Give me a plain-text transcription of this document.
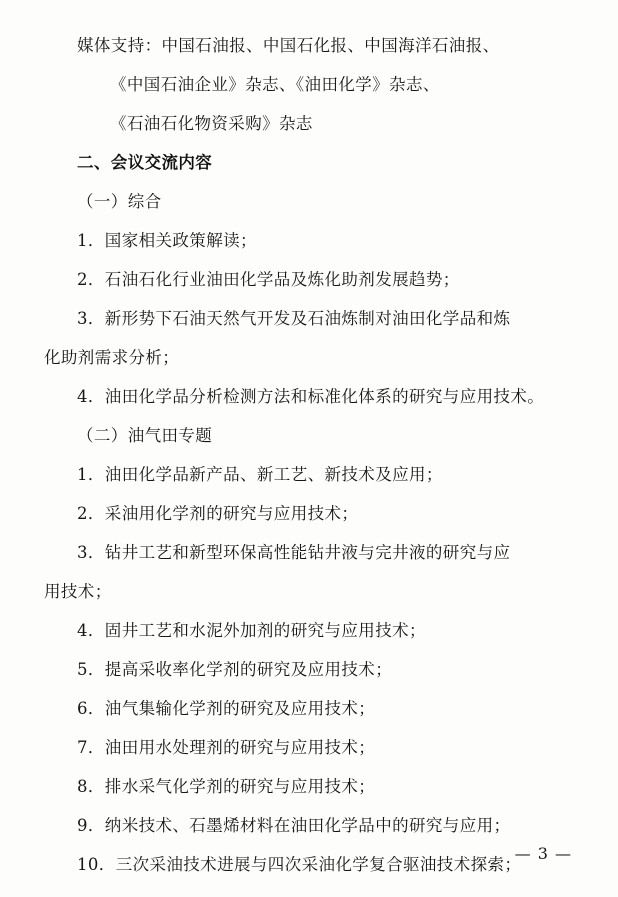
媒体支持：中国石油报、中国石化报、中国海洋石油报、
《中国石油企业》杂志、《油田化学》杂志、
《石油石化物资采购》杂志
二、会议交流内容
（一）综合
1．国家相关政策解读；
2．石油石化行业油田化学品及炼化助剂发展趋势；
3．新形势下石油天然气开发及石油炼制对油田化学品和炼
化助剂需求分析；
4．油田化学品分析检测方法和标准化体系的研究与应用技术。
（二）油气田专题
1．油田化学品新产品、新工艺、新技术及应用；
2．采油用化学剂的研究与应用技术；
3．钻井工艺和新型环保高性能钻井液与完井液的研究与应
用技术；
4．固井工艺和水泥外加剂的研究与应用技术；
5．提高采收率化学剂的研究及应用技术；
6．油气集输化学剂的研究及应用技术；
7．油田用水处理剂的研究与应用技术；
8．排水采气化学剂的研究与应用技术；
9．纳米技术、石墨烯材料在油田化学品中的研究与应用；
10．三次采油技术进展与四次采油化学复合驱油技术探索；
— 3 —
